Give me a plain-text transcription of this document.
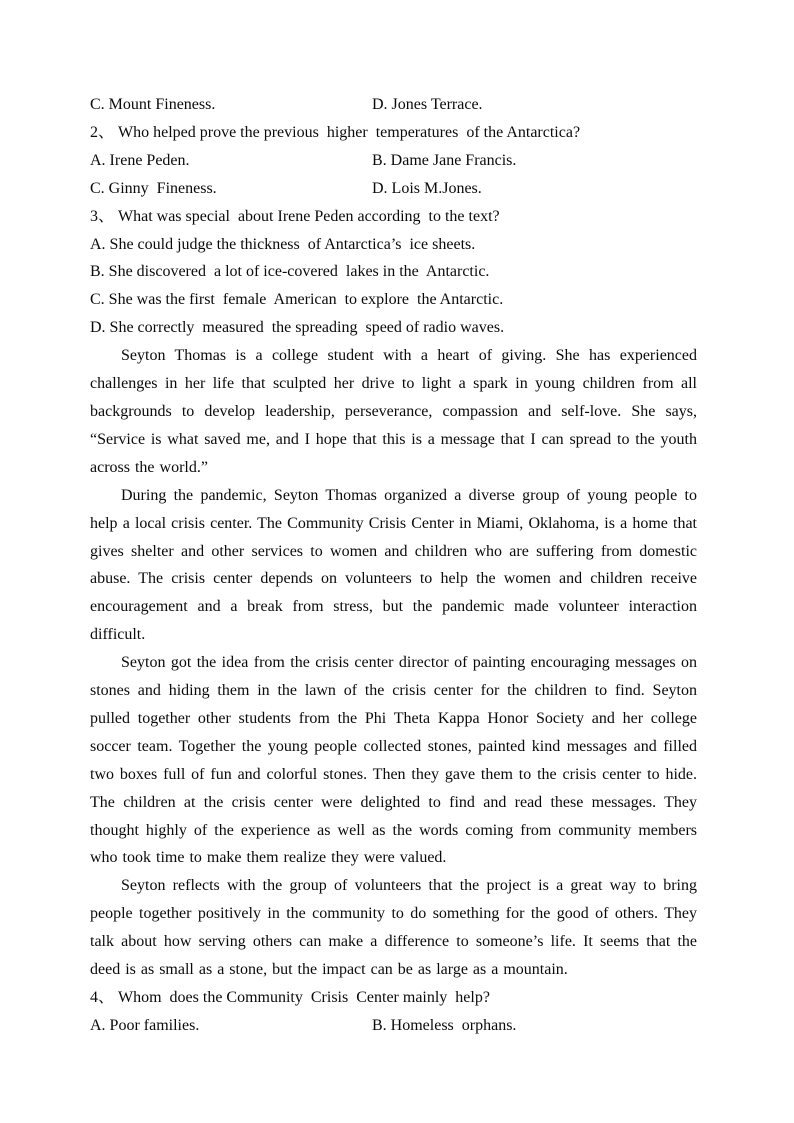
C. Mount Fineness.	D. Jones Terrace.

2、 Who helped prove the previous  higher  temperatures  of the Antarctica?

A. Irene Peden.	B. Dame Jane Francis.
C. Ginny  Fineness.	D. Lois M.Jones.

3、 What was special  about Irene Peden according  to the text?

A. She could judge the thickness  of Antarctica’s  ice sheets.

B. She discovered  a lot of ice-covered  lakes in the  Antarctic.

C. She was the first  female  American  to explore  the Antarctic.

D. She correctly  measured  the spreading  speed of radio waves.

Seyton Thomas is a college student with a heart of giving. She has experienced challenges in her life that sculpted her drive to light a spark in young children from all backgrounds to develop leadership, perseverance, compassion and self-love. She says, “Service is what saved me, and I hope that this is a message that I can spread to the youth across the world.”

During the pandemic, Seyton Thomas organized a diverse group of young people to help a local crisis center. The Community Crisis Center in Miami, Oklahoma, is a home that gives shelter and other services to women and children who are suffering from domestic abuse. The crisis center depends on volunteers to help the women and children receive encouragement and a break from stress, but the pandemic made volunteer interaction difficult.

Seyton got the idea from the crisis center director of painting encouraging messages on stones and hiding them in the lawn of the crisis center for the children to find. Seyton pulled together other students from the Phi Theta Kappa Honor Society and her college soccer team. Together the young people collected stones, painted kind messages and filled two boxes full of fun and colorful stones. Then they gave them to the crisis center to hide. The children at the crisis center were delighted to find and read these messages. They thought highly of the experience as well as the words coming from community members who took time to make them realize they were valued.

Seyton reflects with the group of volunteers that the project is a great way to bring people together positively in the community to do something for the good of others. They talk about how serving others can make a difference to someone’s life. It seems that the deed is as small as a stone, but the impact can be as large as a mountain.

4、 Whom  does the Community  Crisis  Center mainly  help?

A. Poor families.	B. Homeless  orphans.
